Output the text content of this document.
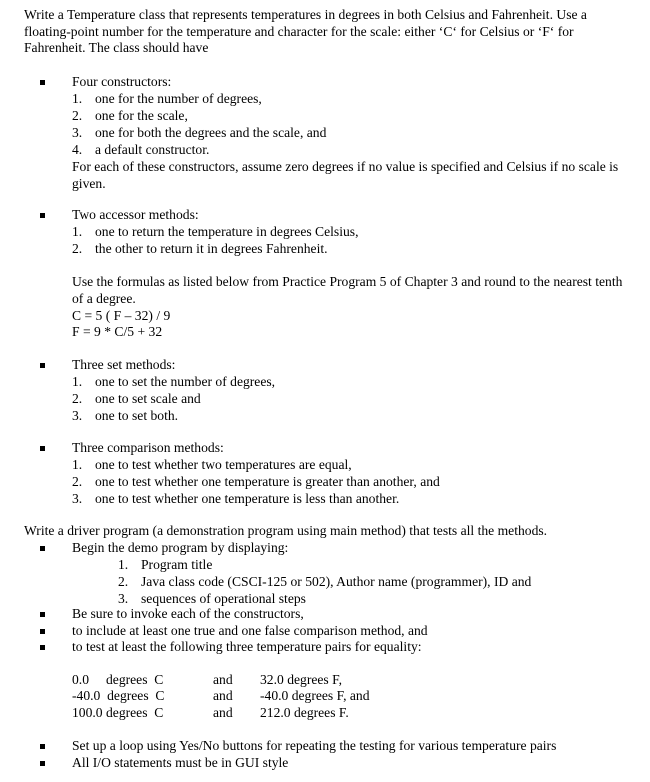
Write a Temperature class that represents temperatures in degrees in both Celsius and Fahrenheit. Use a floating-point number for the temperature and character for the scale: either ‘C‘ for Celsius or ‘F‘ for Fahrenheit. The class should have

Four constructors:
1. one for the number of degrees,
2. one for the scale,
3. one for both the degrees and the scale, and
4. a default constructor.
For each of these constructors, assume zero degrees if no value is specified and Celsius if no scale is given.
Two accessor methods:
1. one to return the temperature in degrees Celsius,
2. the other to return it in degrees Fahrenheit.
Use the formulas as listed below from Practice Program 5 of Chapter 3 and round to the nearest tenth of a degree.
C = 5 ( F – 32) / 9
F = 9 * C/5 + 32
Three set methods:
1. one to set the number of degrees,
2. one to set scale and
3. one to set both.
Three comparison methods:
1. one to test whether two temperatures are equal,
2. one to test whether one temperature is greater than another, and
3. one to test whether one temperature is less than another.

Write a driver program (a demonstration program using main method) that tests all the methods.

Begin the demo program by displaying:
1. Program title
2. Java class code (CSCI-125 or 502), Author name (programmer), ID and
3. sequences of operational steps
Be sure to invoke each of the constructors,
to include at least one true and one false comparison method, and
to test at least the following three temperature pairs for equality:
0.0     degrees  C	and 32.0 degrees F,
-40.0  degrees  C	and -40.0 degrees F, and
100.0 degrees  C	and 212.0 degrees F.
Set up a loop using Yes/No buttons for repeating the testing for various temperature pairs
All I/O statements must be in GUI style
